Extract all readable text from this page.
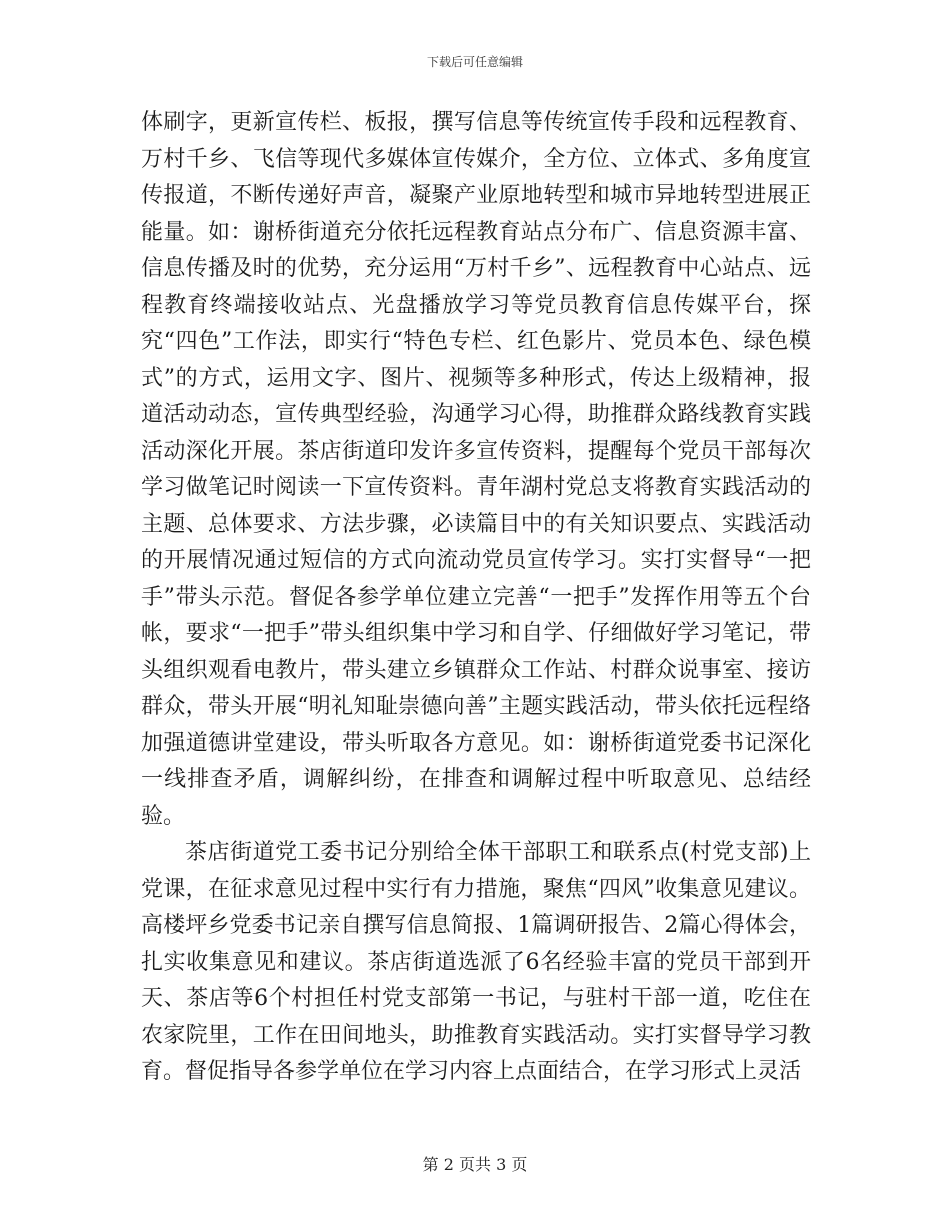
下载后可任意编辑

体刷字，更新宣传栏、板报，撰写信息等传统宣传手段和远程教育、万村千乡、飞信等现代多媒体宣传媒介，全方位、立体式、多角度宣传报道，不断传递好声音，凝聚产业原地转型和城市异地转型进展正能量。如：谢桥街道充分依托远程教育站点分布广、信息资源丰富、信息传播及时的优势，充分运用“万村千乡”、远程教育中心站点、远程教育终端接收站点、光盘播放学习等党员教育信息传媒平台，探究“四色”工作法，即实行“特色专栏、红色影片、党员本色、绿色模式”的方式，运用文字、图片、视频等多种形式，传达上级精神，报道活动动态，宣传典型经验，沟通学习心得，助推群众路线教育实践活动深化开展。茶店街道印发许多宣传资料，提醒每个党员干部每次学习做笔记时阅读一下宣传资料。青年湖村党总支将教育实践活动的主题、总体要求、方法步骤，必读篇目中的有关知识要点、实践活动的开展情况通过短信的方式向流动党员宣传学习。实打实督导“一把手”带头示范。督促各参学单位建立完善“一把手”发挥作用等五个台帐，要求“一把手”带头组织集中学习和自学、仔细做好学习笔记，带头组织观看电教片，带头建立乡镇群众工作站、村群众说事室、接访群众，带头开展“明礼知耻崇德向善”主题实践活动，带头依托远程络加强道德讲堂建设，带头听取各方意见。如：谢桥街道党委书记深化一线排查矛盾，调解纠纷，在排查和调解过程中听取意见、总结经验。

茶店街道党工委书记分别给全体干部职工和联系点(村党支部)上党课，在征求意见过程中实行有力措施，聚焦“四风”收集意见建议。高楼坪乡党委书记亲自撰写信息简报、1篇调研报告、2篇心得体会，扎实收集意见和建议。茶店街道选派了6名经验丰富的党员干部到开天、茶店等6个村担任村党支部第一书记，与驻村干部一道，吃住在农家院里，工作在田间地头，助推教育实践活动。实打实督导学习教育。督促指导各参学单位在学习内容上点面结合，在学习形式上灵活

第 2 页共 3 页
